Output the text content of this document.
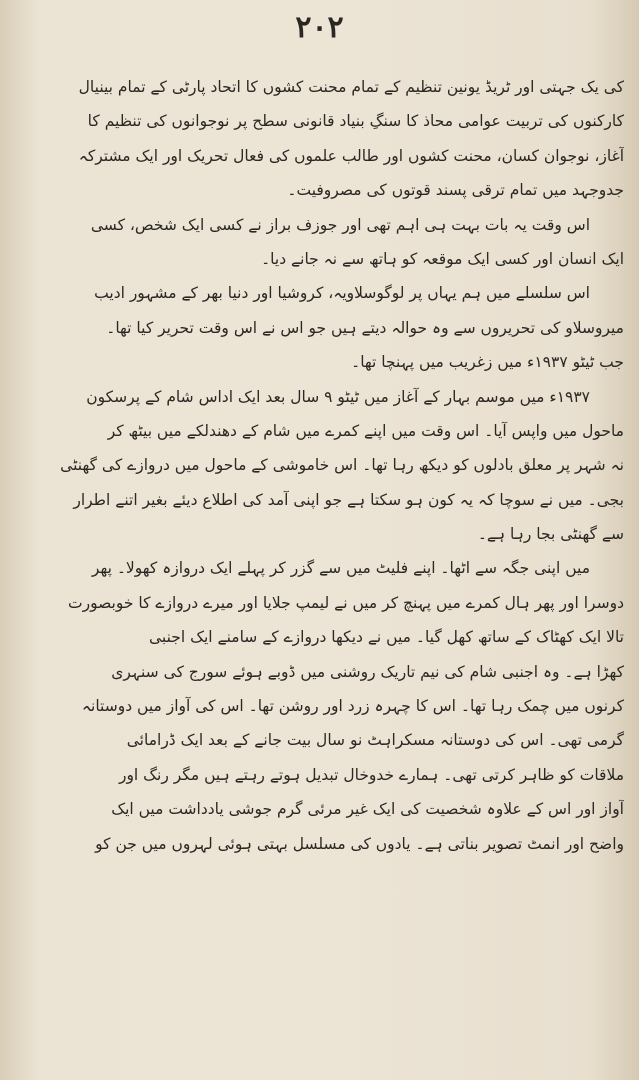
۲۰۲
کی یک جہتی اور ٹریڈ یونین تنظیم کے تمام محنت کشوں کا اتحاد پارٹی کے تمام بینیال
کارکنوں کی تربیت عوامی محاذ کا سنگِ بنیاد قانونی سطح پر نوجوانوں کی تنظیم کا
آغاز، نوجوان کسان، محنت کشوں اور طالب علموں کی فعال تحریک اور ایک مشترکہ
جدوجہد میں تمام ترقی پسند قوتوں کی مصروفیت۔
اس وقت یہ بات بہت ہی اہم تھی اور جوزف براز نے کسی ایک شخص، کسی
ایک انسان اور کسی ایک موقعہ کو ہاتھ سے نہ جانے دیا۔
اس سلسلے میں ہم یہاں پر لوگوسلاویہ، کروشیا اور دنیا بھر کے مشہور ادیب
میروسلاو کی تحریروں سے وہ حوالہ دیتے ہیں جو اس نے اس وقت تحریر کیا تھا۔
جب ٹیٹو ۱۹۳۷ء میں زغریب میں پہنچا تھا۔
۱۹۳۷ء میں موسم بہار کے آغاز میں ٹیٹو ۹ سال بعد ایک اداس شام کے پرسکون
ماحول میں واپس آیا۔ اس وقت میں اپنے کمرے میں شام کے دھندلکے میں بیٹھ کر
نہ شہر پر معلق بادلوں کو دیکھ رہا تھا۔ اس خاموشی کے ماحول میں دروازے کی گھنٹی
بجی۔ میں نے سوچا کہ یہ کون ہو سکتا ہے جو اپنی آمد کی اطلاع دیئے بغیر اتنے اطرار
سے گھنٹی بجا رہا ہے۔
میں اپنی جگہ سے اٹھا۔ اپنے فلیٹ میں سے گزر کر پہلے ایک دروازہ کھولا۔ پھر
دوسرا اور پھر ہال کمرے میں پہنچ کر میں نے لیمپ جلایا اور میرے دروازے کا خوبصورت
تالا ایک کھٹاک کے ساتھ کھل گیا۔ میں نے دیکھا دروازے کے سامنے ایک اجنبی
کھڑا ہے۔ وہ اجنبی شام کی نیم تاریک روشنی میں ڈوبے ہوئے سورج کی سنہری
کرنوں میں چمک رہا تھا۔ اس کا چہرہ زرد اور روشن تھا۔ اس کی آواز میں دوستانہ
گرمی تھی۔ اس کی دوستانہ مسکراہٹ نو سال بیت جانے کے بعد ایک ڈرامائی
ملاقات کو ظاہر کرتی تھی۔ ہمارے خدوخال تبدیل ہوتے رہتے ہیں مگر رنگ اور
آواز اور اس کے علاوہ شخصیت کی ایک غیر مرئی گرم جوشی یادداشت میں ایک
واضح اور انمٹ تصویر بناتی ہے۔ یادوں کی مسلسل بہتی ہوئی لہروں میں جن کو
